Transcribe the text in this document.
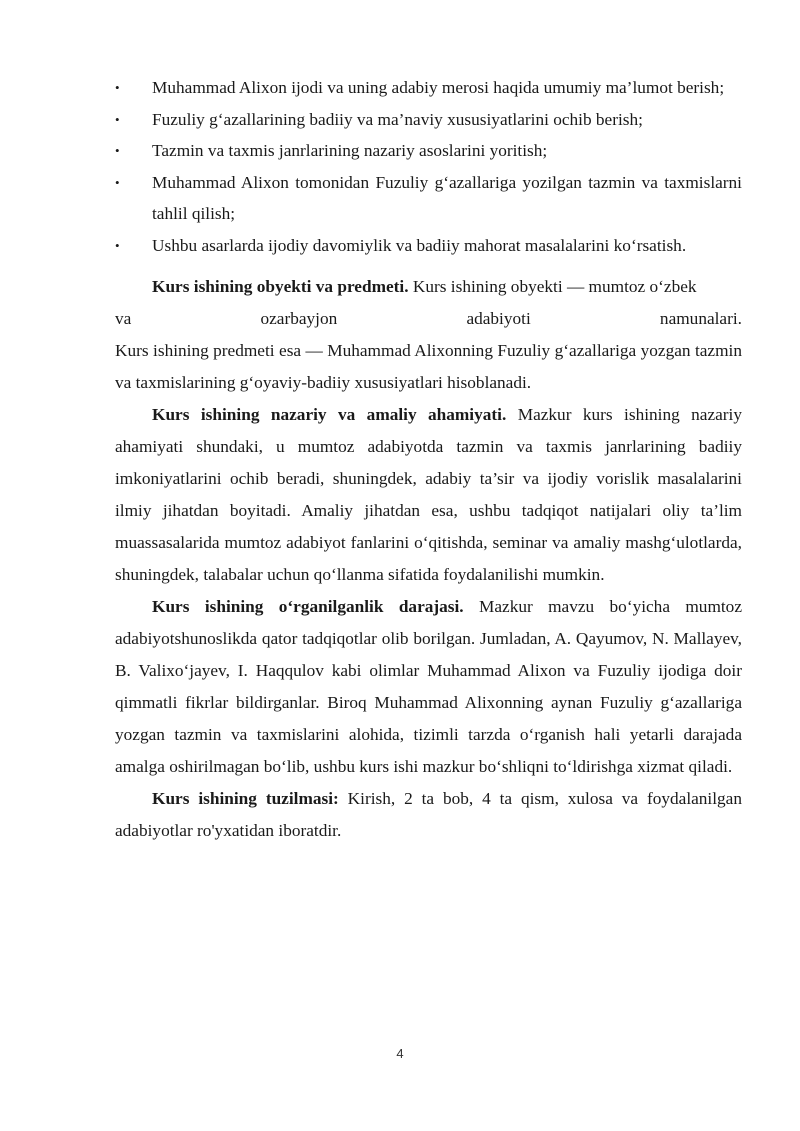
• Muhammad Alixon ijodi va uning adabiy merosi haqida umumiy ma’lumot berish;
• Fuzuliy g‘azallarining badiiy va ma’naviy xususiyatlarini ochib berish;
• Tazmin va taxmis janrlarining nazariy asoslarini yoritish;
• Muhammad Alixon tomonidan Fuzuliy g‘azallariga yozilgan tazmin va taxmislarni tahlil qilish;
• Ushbu asarlarda ijodiy davomiylik va badiiy mahorat masalalarini ko‘rsatish.

Kurs ishining obyekti va predmeti. Kurs ishining obyekti — mumtoz o‘zbek

va	ozarbayjon	adabiyoti	namunalari.

Kurs ishining predmeti esa — Muhammad Alixonning Fuzuliy g‘azallariga yozgan tazmin va taxmislarining g‘oyaviy-badiiy xususiyatlari hisoblanadi.

Kurs ishining nazariy va amaliy ahamiyati. Mazkur kurs ishining nazariy ahamiyati shundaki, u mumtoz adabiyotda tazmin va taxmis janrlarining badiiy imkoniyatlarini ochib beradi, shuningdek, adabiy ta’sir va ijodiy vorislik masalalarini ilmiy jihatdan boyitadi. Amaliy jihatdan esa, ushbu tadqiqot natijalari oliy ta’lim muassasalarida mumtoz adabiyot fanlarini o‘qitishda, seminar va amaliy mashg‘ulotlarda, shuningdek, talabalar uchun qo‘llanma sifatida foydalanilishi mumkin.

Kurs ishining o‘rganilganlik darajasi. Mazkur mavzu bo‘yicha mumtoz adabiyotshunoslikda qator tadqiqotlar olib borilgan. Jumladan, A. Qayumov, N. Mallayev, B. Valixo‘jayev, I. Haqqulov kabi olimlar Muhammad Alixon va Fuzuliy ijodiga doir qimmatli fikrlar bildirganlar. Biroq Muhammad Alixonning aynan Fuzuliy g‘azallariga yozgan tazmin va taxmislarini alohida, tizimli tarzda o‘rganish hali yetarli darajada amalga oshirilmagan bo‘lib, ushbu kurs ishi mazkur bo‘shliqni to‘ldirishga xizmat qiladi.

Kurs ishining tuzilmasi: Kirish, 2 ta bob, 4 ta qism, xulosa va foydalanilgan adabiyotlar ro'yxatidan iboratdir.

4
